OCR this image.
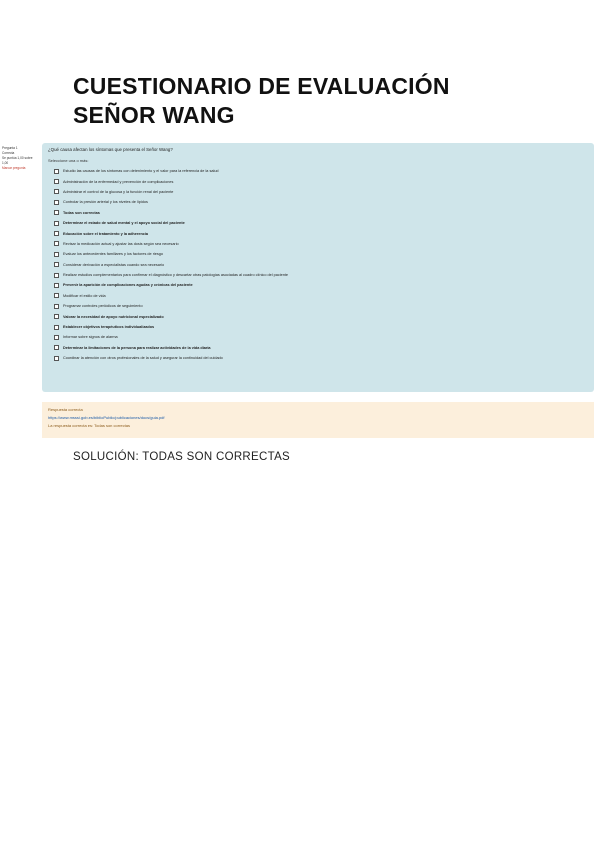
CUESTIONARIO DE EVALUACIÓN
SEÑOR WANG
Pregunta 1
Correcta
Se puntúa 1,00 sobre 1,00
Marcar pregunta

¿Qué causa afectan los síntomas que presenta el Señor Wang?

Seleccione una o más:

Estudio las causas de los síntomas con detenimiento y el valor para la referencia de la salud
Administración de la enfermedad y prevención de complicaciones
Administrar el control de la glucosa y la función renal del paciente
Controlar la presión arterial y los niveles de lípidos
Todas son correctas
Determinar el estado de salud mental y el apoyo social del paciente
Educación sobre el tratamiento y la adherencia
Revisar la medicación actual y ajustar las dosis según sea necesario
Evaluar los antecedentes familiares y los factores de riesgo
Considerar derivación a especialistas cuando sea necesario
Realizar estudios complementarios para confirmar el diagnóstico y descartar otras patologías asociadas al cuadro clínico del paciente
Prevenir la aparición de complicaciones agudas y crónicas del paciente
Modificar el estilo de vida
Programar controles periódicos de seguimiento
Valorar la necesidad de apoyo nutricional especializado
Establecer objetivos terapéuticos individualizados
Informar sobre signos de alarma
Determinar la limitaciones de la persona para realizar actividades de la vida diaria
Coordinar la atención con otros profesionales de la salud y asegurar la continuidad del cuidado
Respuesta correcta
https://www.msssi.gob.es/biblioPublic/publicaciones/docs/guia.pdf
La respuesta correcta es: Todas son correctas

SOLUCIÓN: TODAS SON CORRECTAS
